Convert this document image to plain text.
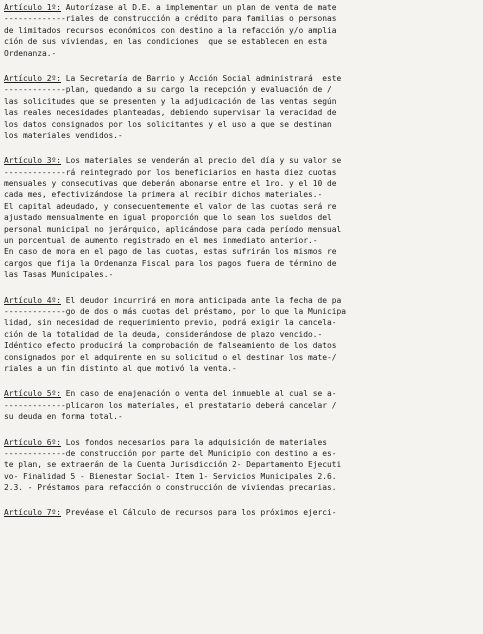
Artículo 1º: Autorízase al D.E. a implementar un plan de venta de mate
-------------riales de construcción a crédito para familias o personas
de limitados recursos económicos con destino a la refacción y/o amplia
ción de sus viviendas, en las condiciones  que se establecen en esta
Ordenanza.-
Artículo 2º: La Secretaría de Barrio y Acción Social administrará  este
-------------plan, quedando a su cargo la recepción y evaluación de /
las solicitudes que se presenten y la adjudicación de las ventas según
las reales necesidades planteadas, debiendo supervisar la veracidad de
los datos consignados por los solicitantes y el uso a que se destinan
los materiales vendidos.-
Artículo 3º: Los materiales se venderán al precio del día y su valor se
-------------rá reintegrado por los beneficiarios en hasta diez cuotas
mensuales y consecutivas que deberán abonarse entre el 1ro. y el 10 de
cada mes, efectivizándose la primera al recibir dichos materiales.-
El capital adeudado, y consecuentemente el valor de las cuotas será re
ajustado mensualmente en igual proporción que lo sean los sueldos del
personal municipal no jerárquico, aplicándose para cada período mensual
un porcentual de aumento registrado en el mes inmediato anterior.-
En caso de mora en el pago de las cuotas, estas sufrirán los mismos re
cargos que fija la Ordenanza Fiscal para los pagos fuera de término de
las Tasas Municipales.-
Artículo 4º: El deudor incurrirá en mora anticipada ante la fecha de pa
-------------go de dos o más cuotas del préstamo, por lo que la Municipa
lidad, sin necesidad de requerimiento previo, podrá exigir la cancela-
ción de la totalidad de la deuda, considerándose de plazo vencido.-
Idéntico efecto producirá la comprobación de falseamiento de los datos
consignados por el adquirente en su solicitud o el destinar los mate-/
riales a un fin distinto al que motivó la venta.-
Artículo 5º: En caso de enajenación o venta del inmueble al cual se a-
-------------plicaron los materiales, el prestatario deberá cancelar /
su deuda en forma total.-
Artículo 6º: Los fondos necesarios para la adquisición de materiales
-------------de construcción por parte del Municipio con destino a es-
te plan, se extraerán de la Cuenta Jurisdicción 2- Departamento Ejecuti
vo- Finalidad 5 - Bienestar Social- Item 1- Servicios Municipales 2.6.
2.3. - Préstamos para refacción o construcción de viviendas precarias.
Artículo 7º: Prevéase el Cálculo de recursos para los próximos ejerci-
